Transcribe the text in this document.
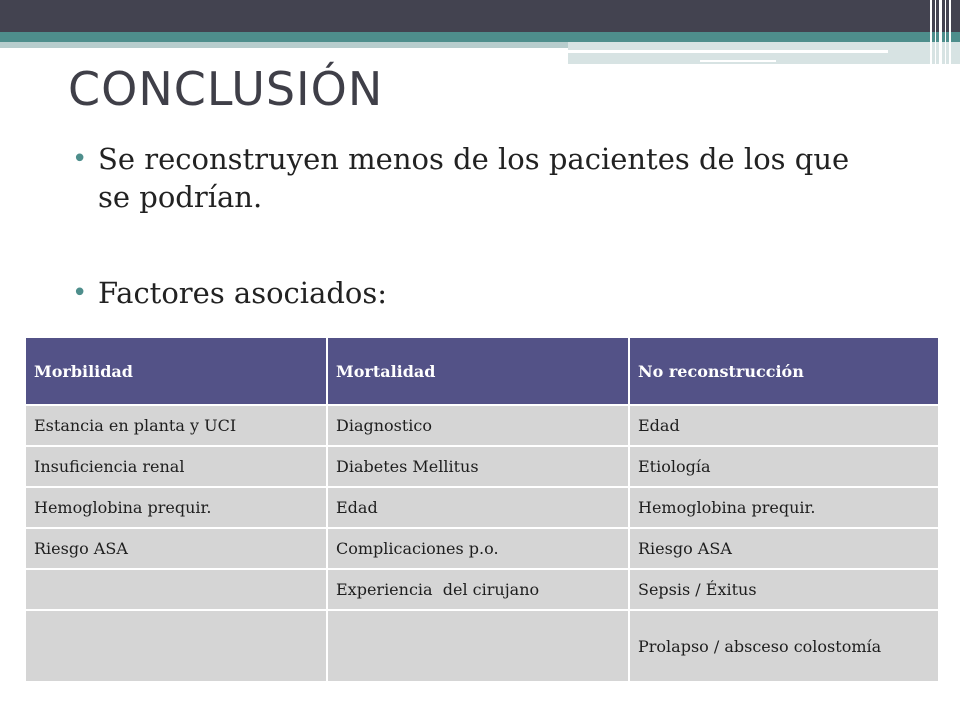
CONCLUSIÓN
• Se reconstruyen menos de los pacientes de los que se podrían.
• Factores asociados:
Morbilidad	Mortalidad	No reconstrucción
Estancia en planta y UCI	Diagnostico	Edad
Insuficiencia renal	Diabetes Mellitus	Etiología
Hemoglobina prequir.	Edad	Hemoglobina prequir.
Riesgo ASA	Complicaciones p.o.	Riesgo ASA
	Experiencia  del cirujano	Sepsis / Éxitus
		Prolapso / absceso colostomía
